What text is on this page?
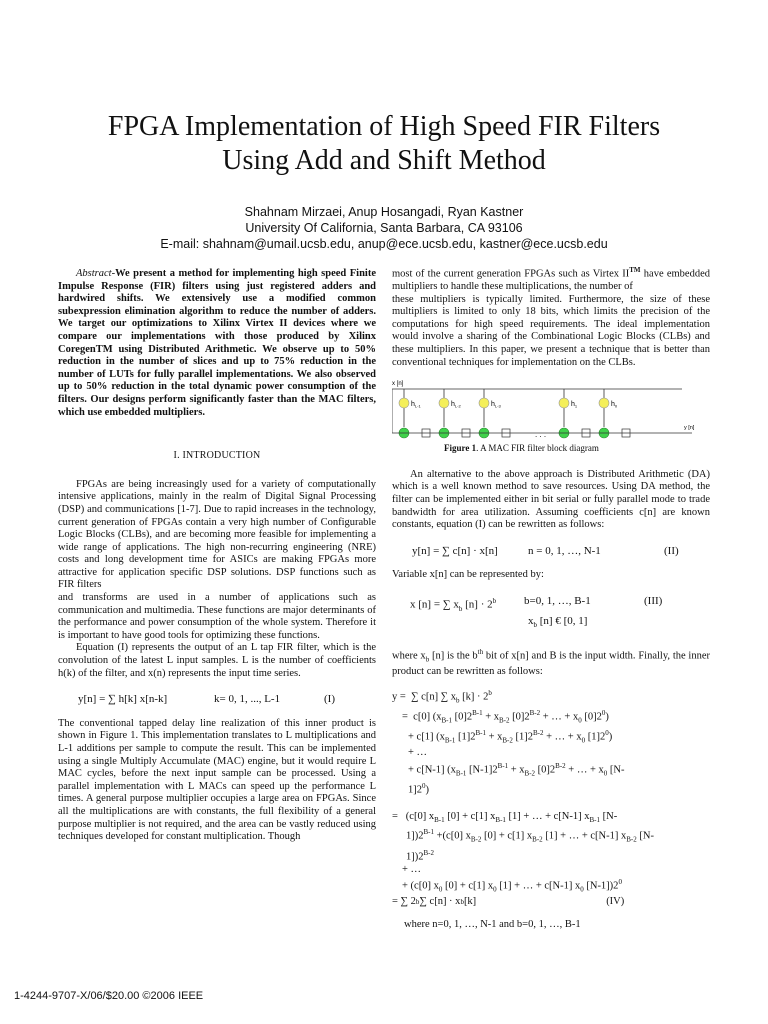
FPGA Implementation of High Speed FIR Filters
Using Add and Shift Method
Shahnam Mirzaei, Anup Hosangadi, Ryan Kastner
University Of California, Santa Barbara, CA 93106
E-mail: shahnam@umail.ucsb.edu, anup@ece.ucsb.edu, kastner@ece.ucsb.edu

Abstract-We present a method for implementing high speed Finite Impulse Response (FIR) filters using just registered adders and hardwired shifts. We extensively use a modified common subexpression elimination algorithm to reduce the number of adders. We target our optimizations to Xilinx Virtex II devices where we compare our implementations with those produced by Xilinx CoregenTM using Distributed Arithmetic. We observe up to 50% reduction in the number of slices and up to 75% reduction in the number of LUTs for fully parallel implementations. We also observed up to 50% reduction in the total dynamic power consumption of the filters. Our designs perform significantly faster than the MAC filters, which use embedded multipliers.

I. INTRODUCTION

FPGAs are being increasingly used for a variety of computationally intensive applications, mainly in the realm of Digital Signal Processing (DSP) and communications [1-7]. Due to rapid increases in the technology, current generation of FPGAs contain a very high number of Configurable Logic Blocks (CLBs), and are becoming more feasible for implementing a wide range of applications. The high non-recurring engineering (NRE) costs and long development time for ASICs are making FPGAs more attractive for application specific DSP solutions. DSP functions such as FIR filters

and transforms are used in a number of applications such as communication and multimedia. These functions are major determinants of the performance and power consumption of the whole system. Therefore it is important to have good tools for optimizing these functions.

Equation (I) represents the output of an L tap FIR filter, which is the convolution of the latest L input samples. L is the number of coefficients h(k) of the filter, and x(n) represents the input time series.

y[n] = ∑ h[k] x[n-k]	k= 0, 1, ..., L-1	(I)

The conventional tapped delay line realization of this inner product is shown in Figure 1. This implementation translates to L multiplications and L-1 additions per sample to compute the result. This can be implemented using a single Multiply Accumulate (MAC) engine, but it would require L MAC cycles, before the next input sample can be processed. Using a parallel implementation with L MACs can speed up the performance L times. A general purpose multiplier occupies a large area on FPGAs. Since all the multiplications are with constants, the full flexibility of a general purpose multiplier is not required, and the area can be vastly reduced using techniques developed for constant multiplication. Though

most of the current generation FPGAs such as Virtex II™ have embedded multipliers to handle these multiplications, the number of

these multipliers is typically limited. Furthermore, the size of these multipliers is limited to only 18 bits, which limits the precision of the computations for high speed requirements. The ideal implementation would involve a sharing of the Combinational Logic Blocks (CLBs) and these multipliers. In this paper, we present a technique that is better than conventional techniques for implementation on the CLBs.

x [n]
$h_{L-1}$	$h_{L-2}$	$h_{L-3}$	$h_1$	$h_0$
. . .
y [n]
Figure 1. A MAC FIR filter block diagram

An alternative to the above approach is Distributed Arithmetic (DA) which is a well known method to save resources. Using DA method, the filter can be implemented either in bit serial or fully parallel mode to trade bandwidth for area utilization. Assuming coefficients c[n] are known constants, equation (I) can be rewritten as follows:

y[n] = ∑ c[n] · x[n]	n = 0, 1, …, N-1	(II)

Variable x[n] can be represented by:

x [n] = ∑ $x_b$ $[n] \cdot 2^b$	b=0, 1, …, B-1	(III)
$x_b$ [n] € [0, 1]

where $x_b$ [n] is the $b^{th}$ bit of x[n] and B is the input width. Finally, the inner product can be rewritten as follows:

y =  ∑ c[n] ∑ $x_b$ $[k] \cdot 2^b$
=  c[0] ($x_{B-1}$ $[0]2^{B-1} + x_{B-2}$ $[0]2^{B-2}$ + … + $x_0$ $[0]2^0$)
+ c[1] ($x_{B-1}$ $[1]2^{B-1} + x_{B-2}$ $[1]2^{B-2}$ + … + $x_0$ $[1]2^0$)
+ …
+ c[N-1] ($x_{B-1}$ $[N-1]2^{B-1} + x_{B-2}$ $[0]2^{B-2}$ + … + $x_0$ [N-
$1]2^0$)
=   (c[0] $x_{B-1}$ [0] + c[1] $x_{B-1}$ [1] + … + c[N-1] $x_{B-1}$ [N-
$1])2^{B-1} +(c[0]$ $x_{B-2}$ [0] + c[1] $x_{B-2}$ [1] + … + c[N-1] $x_{B-2}$ [N-
$1])2^{B-2}$
+ …
+ (c[0] $x_0$ [0] + c[1] $x_0$ [1] + … + c[N-1] $x_0$ $[N-1])2^0$
= ∑ 2 b ∑ c[n] · x b [k]	(IV)
where n=0, 1, …, N-1 and b=0, 1, …, B-1
1-4244-9707-X/06/$20.00 ©2006 IEEE
